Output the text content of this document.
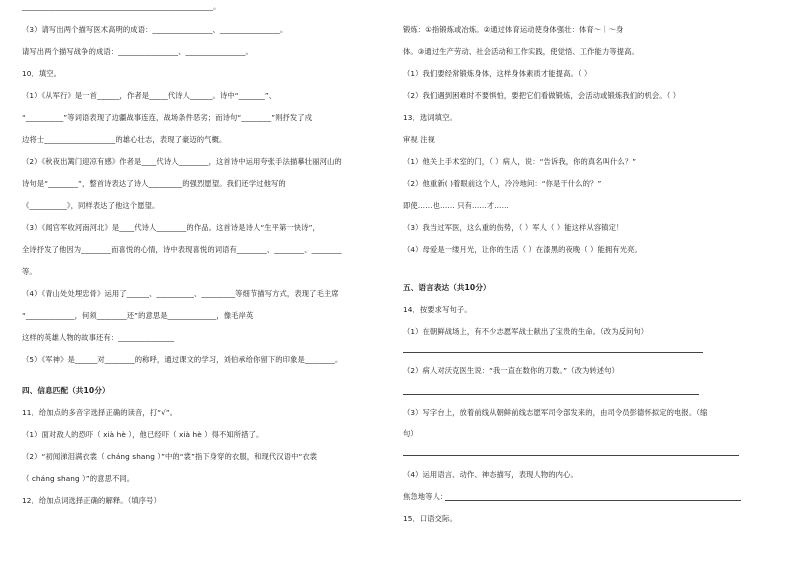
___________________________________________________。
（3）请写出两个描写医术高明的成语：________________、________________。
请写出两个描写战争的成语：________________、________________。
10．填空。
（1）《从军行》是一首______，作者是_____代诗人______。诗中“_______”、
“__________”等词语表现了边疆战事连连，战场条件恶劣；而诗句“________”则抒发了戍
边将士___________________的雄心壮志，表现了豪迈的气概。
（2）《秋夜出篱门迎凉有感》作者是____代诗人________，这首诗中运用夸张手法描摹壮丽河山的
诗句是“________”，整首诗表达了诗人_________的强烈愿望。我们还学过他写的
《__________》，同样表达了他这个愿望。
（3）《闻官军收河南河北》是____代诗人________的作品。这首诗是诗人“生平第一快诗”，
全诗抒发了他因为________而喜悦的心情，诗中表现喜悦的词语有________、________、________
等。
（4）《青山处处埋忠骨》运用了______、__________、_________等细节描写方式，表现了毛主席
“_____________，何须________还”的意思是_____________，像毛岸英
这样的英雄人物的故事还有：_______________
（5）《军神》是______对________的称呼，通过课文的学习，刘伯承给你留下的印象是________。
四、信息匹配（共10分）
11．给加点的多音字选择正确的读音，打“√”。
（1）面对敌人的恐吓（ xià hè ），他已经吓（ xià hè ）得不知所措了。
（2）“初闻涕泪满衣裳（ cháng shang ）”中的“裳”指下身穿的衣服，和现代汉语中“衣裳
（ cháng shang ）”的意思不同。
12．给加点词选择正确的解释。（填序号）
锻炼：①指锻炼或冶炼。②通过体育运动使身体强壮：体育～｜～身
体。③通过生产劳动、社会活动和工作实践，使觉悟、工作能力等提高。
（1）我们要经常锻炼身体，这样身体素质才能提高。（ ）
（2）我们遇到困难时不要惧怕，要把它们看做锻炼，会活动或锻炼我们的机会。（ ）
13．选词填空。
审视 注视
（1）他关上手术室的门，（ ）病人，说：“告诉我，你的真名叫什么？”
（2）他重新( )着眼前这个人，冷冷地问：“你是干什么的？”
即使……也…… 只有……才……
（3）我当过军医，这么重的伤势，（ ）军人（ ）能这样从容镇定！
（4）母爱是一缕月光，让你的生活（ ）在漆黑的夜晚（ ）能拥有光亮。
五、语言表达（共10分）
14．按要求写句子。
（1）在朝鲜战场上，有不少志愿军战士献出了宝贵的生命。（改为反问句）
（2）病人对沃克医生说：“我一直在数你的刀数。”（改为转述句）
（3）写字台上，放着前线从朝鲜前线志愿军司令部发来的，由司令员彭德怀拟定的电报。（缩
句）
（4）运用语言、动作、神态描写，表现人物的内心。
焦急地等人：
15．口语交际。
